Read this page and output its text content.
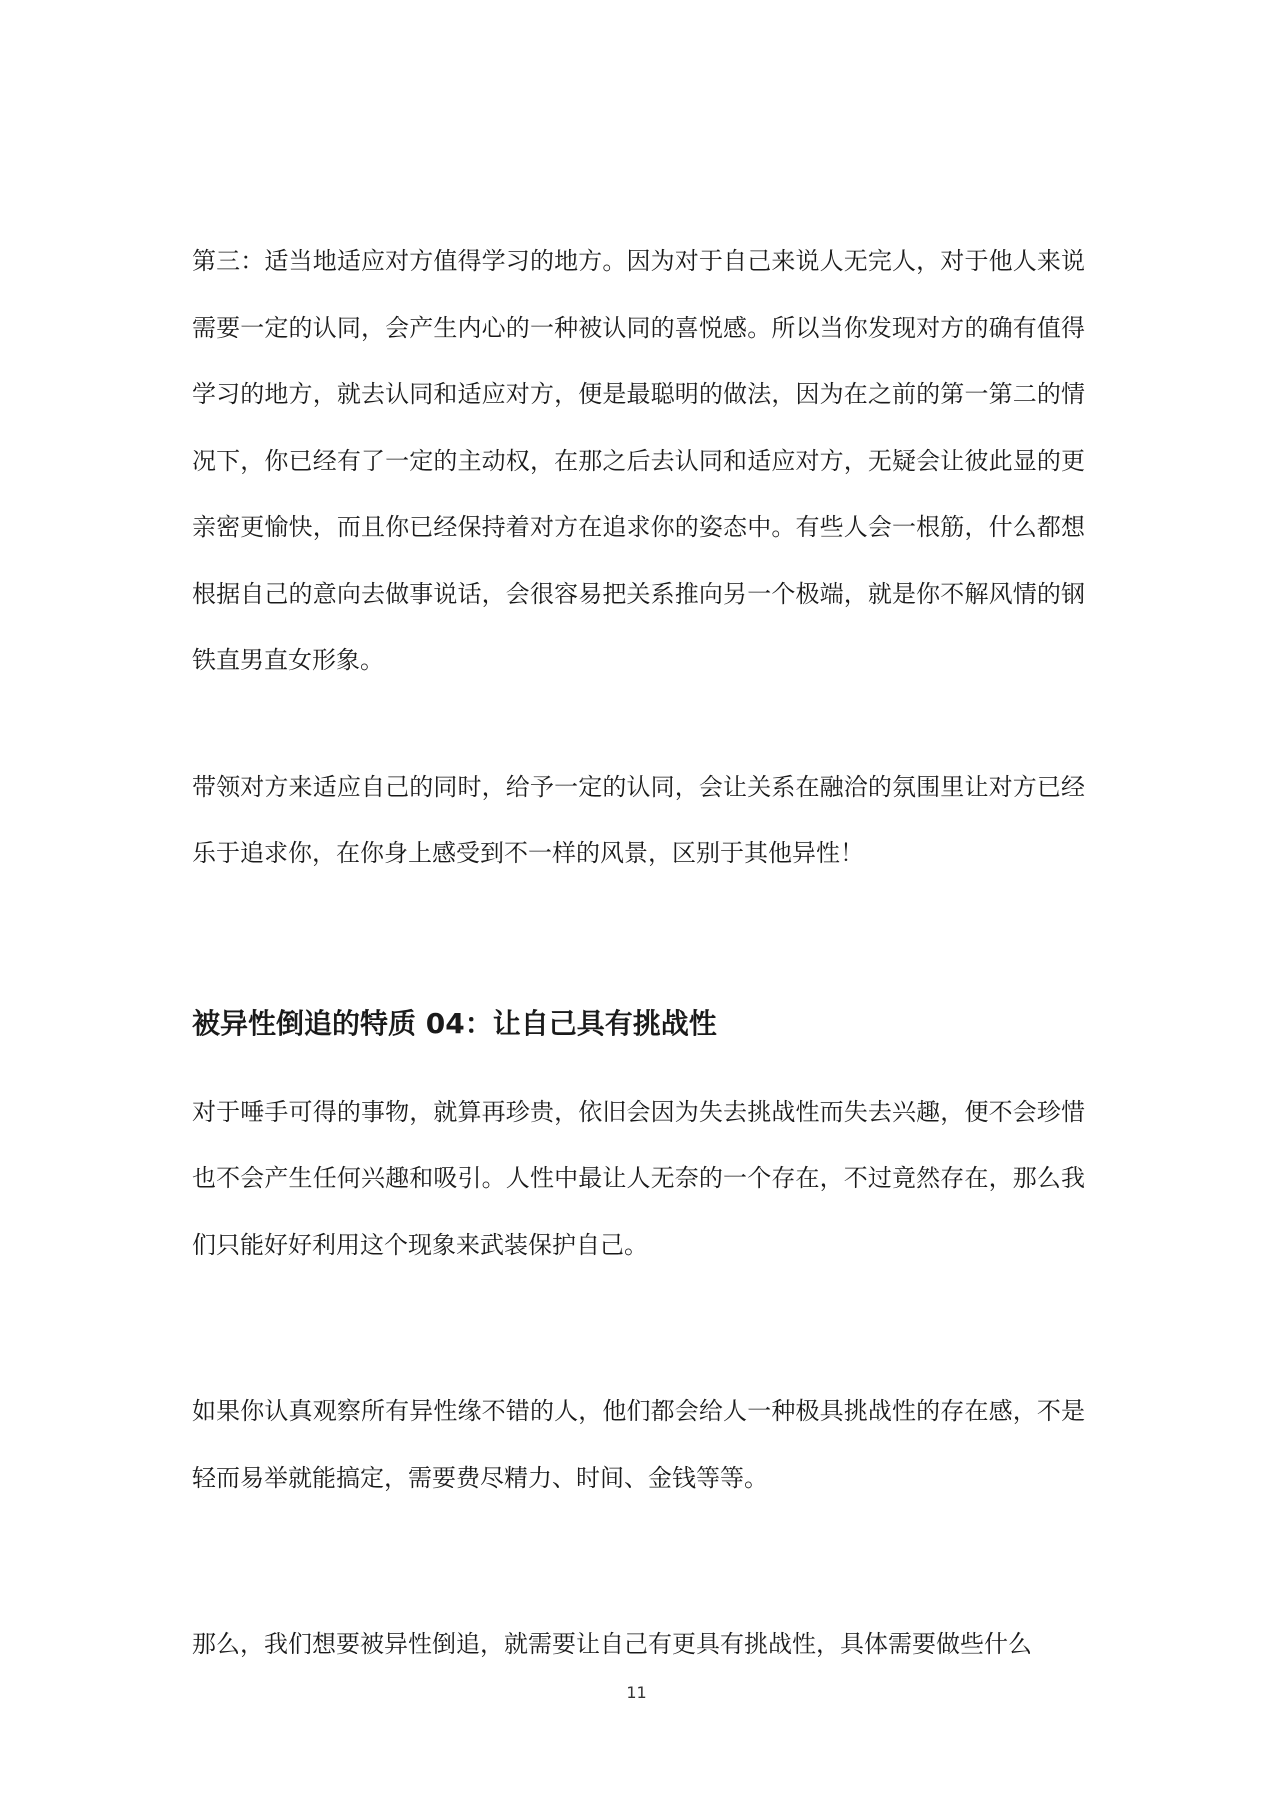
第三：适当地适应对方值得学习的地方。因为对于自己来说人无完人，对于他人来说需要一定的认同，会产生内心的一种被认同的喜悦感。所以当你发现对方的确有值得学习的地方，就去认同和适应对方，便是最聪明的做法，因为在之前的第一第二的情况下，你已经有了一定的主动权，在那之后去认同和适应对方，无疑会让彼此显的更亲密更愉快，而且你已经保持着对方在追求你的姿态中。有些人会一根筋，什么都想根据自己的意向去做事说话，会很容易把关系推向另一个极端，就是你不解风情的钢铁直男直女形象。

带领对方来适应自己的同时，给予一定的认同，会让关系在融洽的氛围里让对方已经乐于追求你，在你身上感受到不一样的风景，区别于其他异性！

被异性倒追的特质 04：让自己具有挑战性

对于唾手可得的事物，就算再珍贵，依旧会因为失去挑战性而失去兴趣，便不会珍惜也不会产生任何兴趣和吸引。人性中最让人无奈的一个存在，不过竟然存在，那么我们只能好好利用这个现象来武装保护自己。

如果你认真观察所有异性缘不错的人，他们都会给人一种极具挑战性的存在感，不是轻而易举就能搞定，需要费尽精力、时间、金钱等等。

那么，我们想要被异性倒追，就需要让自己有更具有挑战性，具体需要做些什么

11
